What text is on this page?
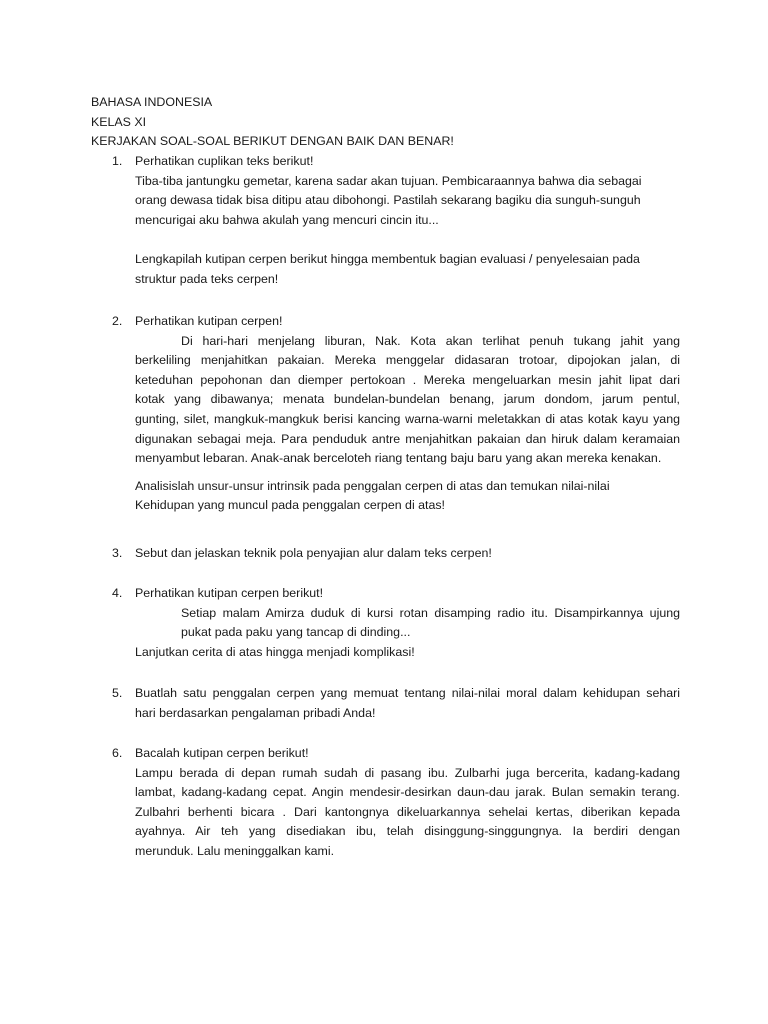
BAHASA INDONESIA
KELAS XI
KERJAKAN SOAL-SOAL BERIKUT DENGAN BAIK DAN BENAR!
1.	Perhatikan cuplikan teks berikut!
Tiba-tiba jantungku gemetar, karena sadar akan tujuan. Pembicaraannya bahwa dia sebagai
orang dewasa tidak bisa ditipu atau dibohongi. Pastilah sekarang bagiku dia sunguh-sunguh
mencurigai aku bahwa akulah yang mencuri cincin itu...
Lengkapilah kutipan cerpen berikut hingga membentuk bagian evaluasi / penyelesaian pada
struktur pada teks cerpen!
2.	Perhatikan kutipan cerpen!
Di hari-hari menjelang liburan, Nak. Kota akan terlihat penuh tukang jahit yang
berkeliling menjahitkan pakaian. Mereka menggelar didasaran trotoar, dipojokan jalan, di
keteduhan pepohonan dan diemper pertokoan . Mereka mengeluarkan mesin jahit lipat dari
kotak yang dibawanya; menata bundelan-bundelan benang, jarum dondom, jarum pentul,
gunting, silet, mangkuk-mangkuk berisi kancing warna-warni meletakkan di atas kotak kayu yang
digunakan sebagai meja. Para penduduk antre menjahitkan pakaian dan hiruk dalam keramaian
menyambut lebaran. Anak-anak berceloteh riang tentang baju baru yang akan mereka kenakan.
Analisislah unsur-unsur intrinsik pada penggalan cerpen di atas dan temukan nilai-nilai
Kehidupan yang muncul pada penggalan cerpen di atas!
3.	Sebut dan jelaskan teknik pola penyajian alur dalam teks cerpen!
4.	Perhatikan kutipan cerpen berikut!
Setiap malam Amirza duduk di kursi rotan disamping radio itu. Disampirkannya ujung
pukat pada paku yang tancap di dinding...
Lanjutkan cerita di atas hingga menjadi komplikasi!
5.	Buatlah satu penggalan cerpen yang memuat tentang nilai-nilai moral dalam kehidupan sehari
hari berdasarkan pengalaman pribadi Anda!
6.	Bacalah kutipan cerpen berikut!
Lampu berada di depan rumah sudah di pasang ibu. Zulbarhi juga bercerita, kadang-kadang
lambat, kadang-kadang cepat. Angin mendesir-desirkan daun-dau jarak. Bulan semakin terang.
Zulbahri berhenti bicara . Dari kantongnya dikeluarkannya sehelai kertas, diberikan kepada
ayahnya. Air teh yang disediakan ibu, telah disinggung-singgungnya. Ia berdiri dengan
merunduk. Lalu meninggalkan kami.
